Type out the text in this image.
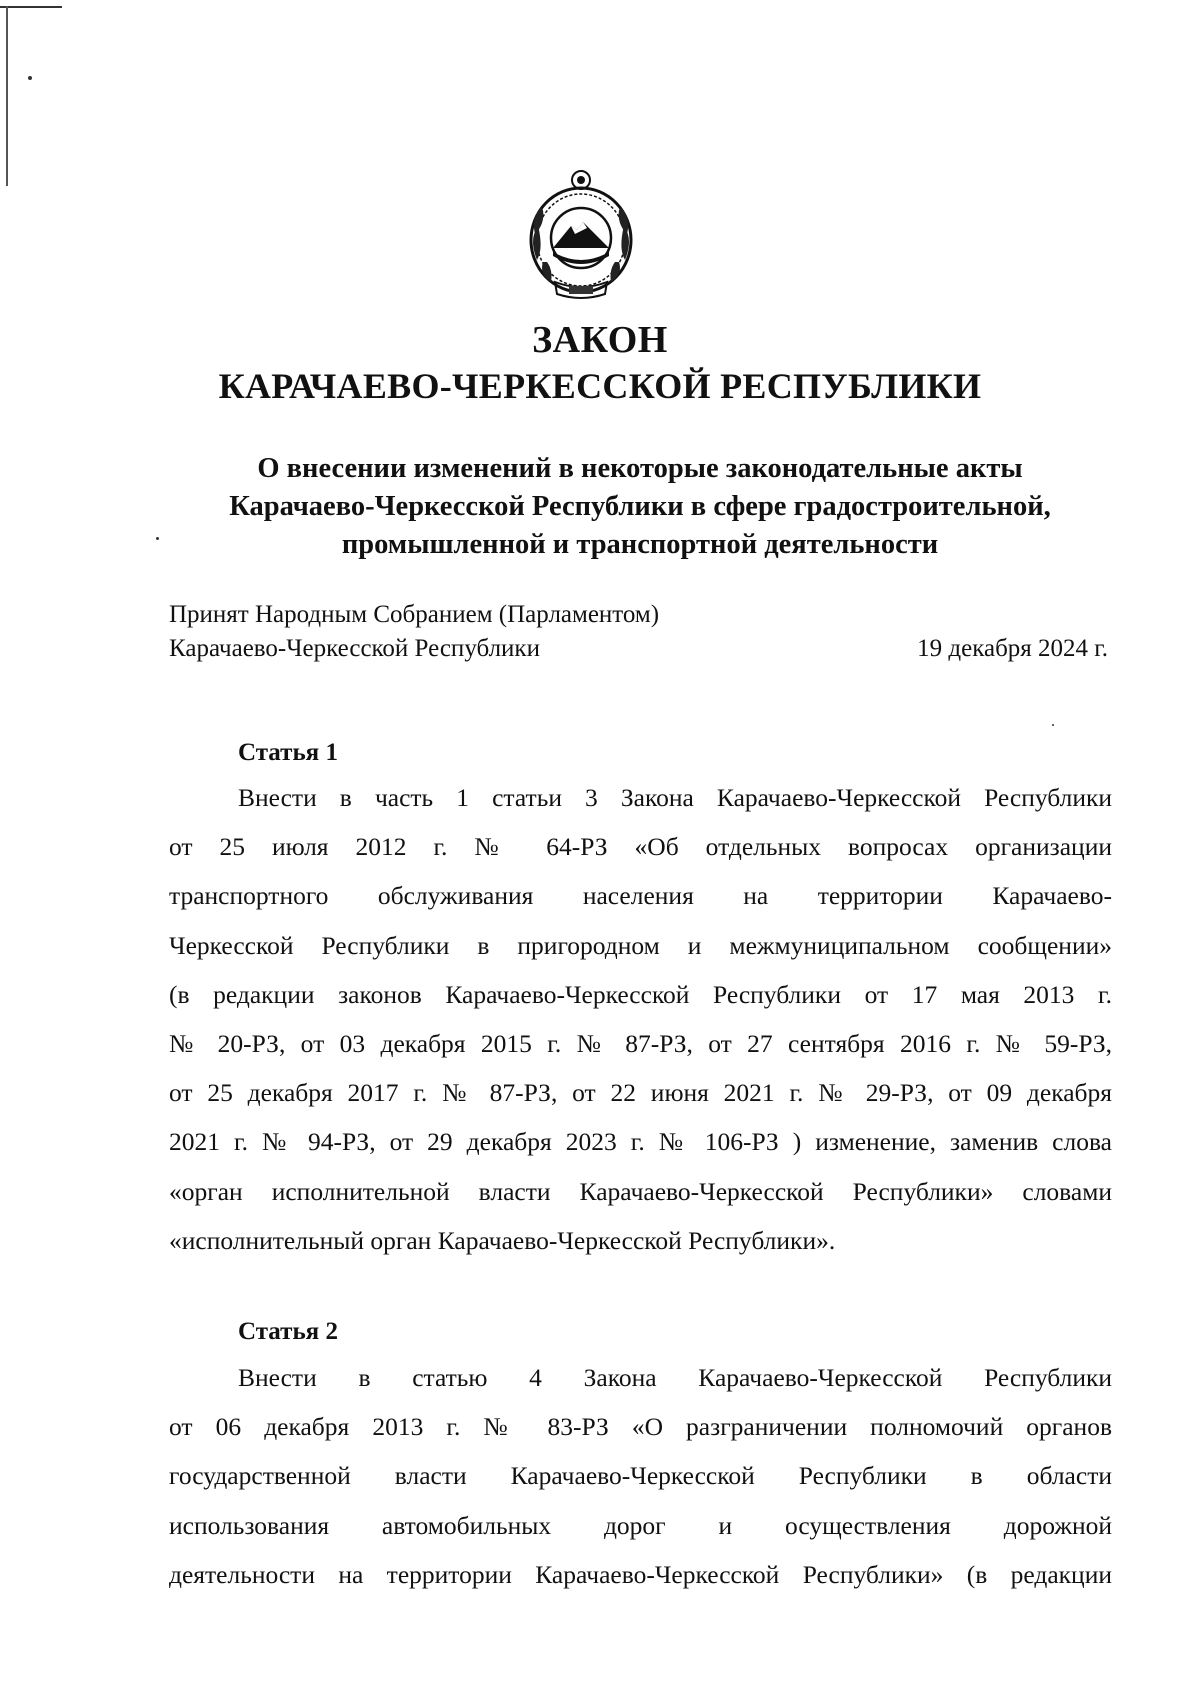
ЗАКОН
КАРАЧАЕВО-ЧЕРКЕССКОЙ РЕСПУБЛИКИ
О внесении изменений в некоторые законодательные акты
Карачаево-Черкесской Республики в сфере градостроительной,
промышленной и транспортной деятельности
Принят Народным Собранием (Парламентом)
Карачаево-Черкесской Республики	19 декабря 2024 г.
Статья 1
Внести в часть 1 статьи 3 Закона Карачаево-Черкесской Республики
от 25 июля 2012 г. № 64-РЗ «Об отдельных вопросах организации
транспортного обслуживания населения на территории Карачаево-
Черкесской Республики в пригородном и межмуниципальном сообщении»
(в редакции законов Карачаево-Черкесской Республики от 17 мая 2013 г.
№ 20-РЗ, от 03 декабря 2015 г. № 87-РЗ, от 27 сентября 2016 г. № 59-РЗ,
от 25 декабря 2017 г. № 87-РЗ, от 22 июня 2021 г. № 29-РЗ, от 09 декабря
2021 г. № 94-РЗ, от 29 декабря 2023 г. № 106-РЗ ) изменение, заменив слова
«орган исполнительной власти Карачаево-Черкесской Республики» словами
«исполнительный орган Карачаево-Черкесской Республики».
Статья 2
Внести в статью 4 Закона Карачаево-Черкесской Республики
от 06 декабря 2013 г. № 83-РЗ «О разграничении полномочий органов
государственной власти Карачаево-Черкесской Республики в области
использования автомобильных дорог и осуществления дорожной
деятельности на территории Карачаево-Черкесской Республики» (в редакции
